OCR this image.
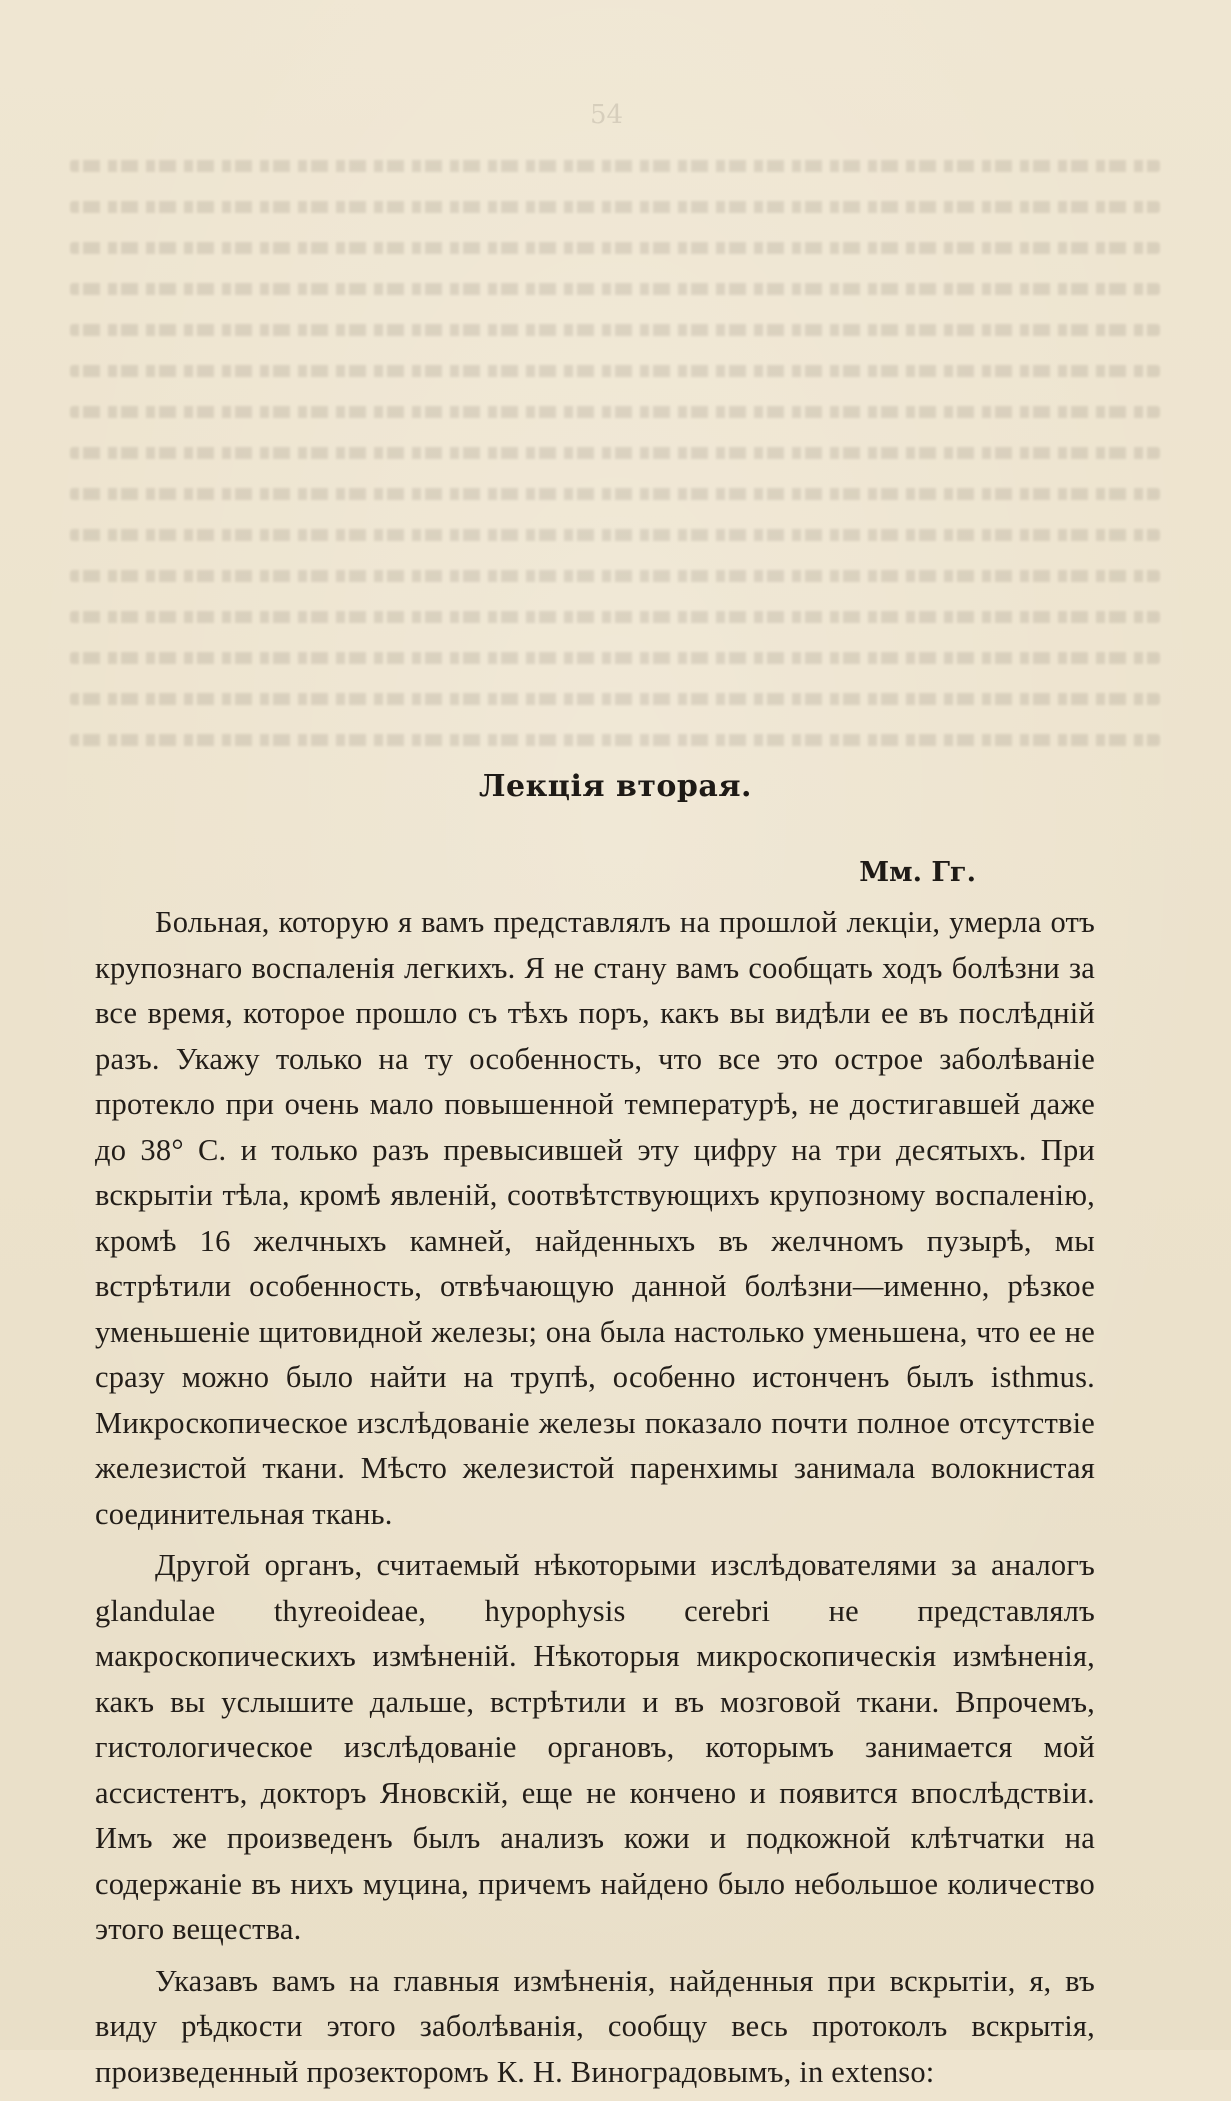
54
Лекція вторая.
Мм. Гг.

Больная, которую я вамъ представлялъ на прошлой лекціи, умерла отъ крупознаго воспаленія легкихъ. Я не стану вамъ сообщать ходъ болѣзни за все время, которое прошло съ тѣхъ поръ, какъ вы видѣли ее въ послѣдній разъ. Укажу только на ту особенность, что все это острое заболѣваніе протекло при очень мало повышенной температурѣ, не достигавшей даже до 38° С. и только разъ превысившей эту цифру на три десятыхъ. При вскрытіи тѣла, кромѣ явленій, соотвѣтствующихъ крупозному воспаленію, кромѣ 16 желчныхъ камней, найденныхъ въ желчномъ пузырѣ, мы встрѣтили особенность, отвѣчающую данной болѣзни—именно, рѣзкое уменьшеніе щитовидной железы; она была настолько уменьшена, что ее не сразу можно было найти на трупѣ, особенно истонченъ былъ isthmus. Микроскопическое изслѣдованіе железы показало почти полное отсутствіе железистой ткани. Мѣсто железистой паренхимы занимала волокнистая соединительная ткань.

Другой органъ, считаемый нѣкоторыми изслѣдователями за аналогъ glandulae thyreoideae, hypophysis cerebri не представлялъ макроскопическихъ измѣненій. Нѣкоторыя микроскопическія измѣненія, какъ вы услышите дальше, встрѣтили и въ мозговой ткани. Впрочемъ, гистологическое изслѣдованіе органовъ, которымъ занимается мой ассистентъ, докторъ Яновскій, еще не кончено и появится впослѣдствіи. Имъ же произведенъ былъ анализъ кожи и подкожной клѣтчатки на содержаніе въ нихъ муцина, причемъ найдено было небольшое количество этого вещества.

Указавъ вамъ на главныя измѣненія, найденныя при вскрытіи, я, въ виду рѣдкости этого заболѣванія, сообщу весь протоколъ вскрытія, произведенный прозекторомъ К. Н. Виноградовымъ, in extenso:
